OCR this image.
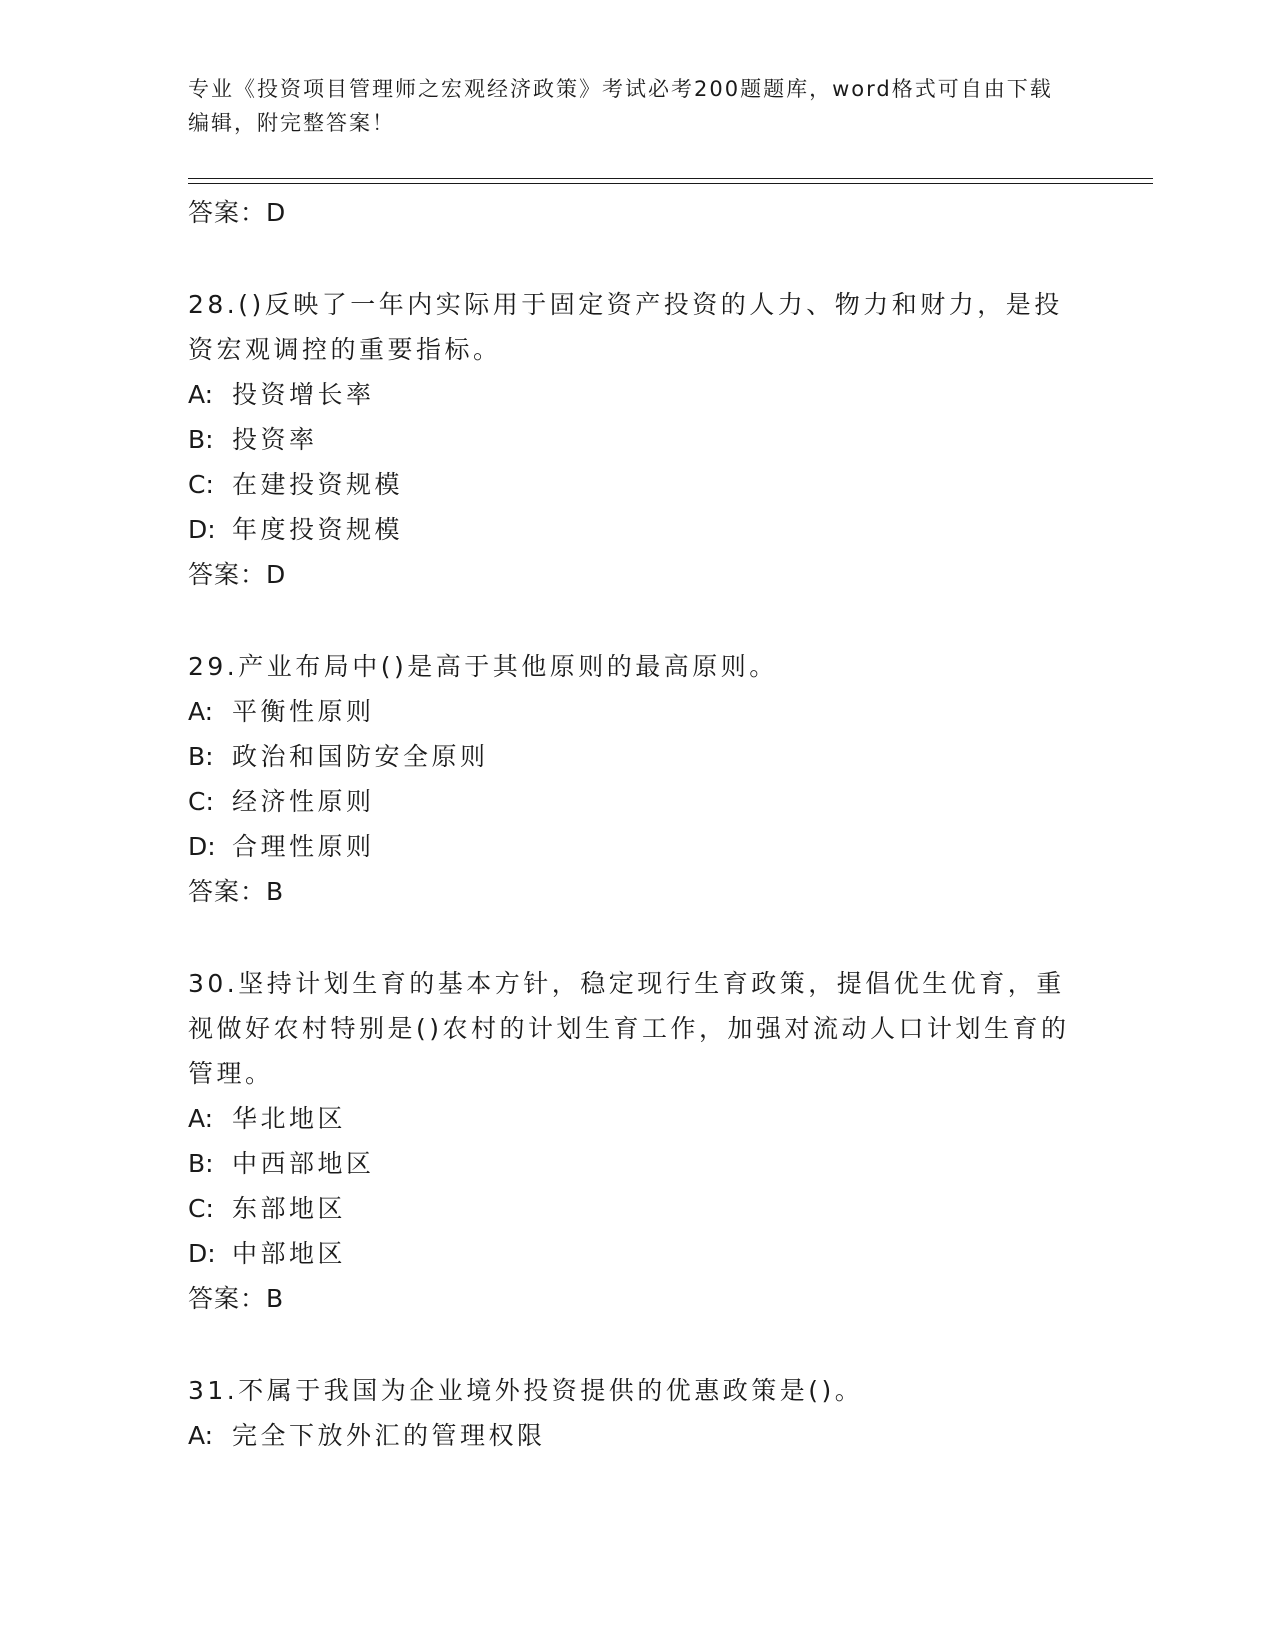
专业《投资项目管理师之宏观经济政策》考试必考200题题库，word格式可自由下载编辑，附完整答案！

答案：D

28.()反映了一年内实际用于固定资产投资的人力、物力和财力，是投资宏观调控的重要指标。

A: 投资增长率

B: 投资率

C: 在建投资规模

D: 年度投资规模

答案：D

29.产业布局中()是高于其他原则的最高原则。

A: 平衡性原则

B: 政治和国防安全原则

C: 经济性原则

D: 合理性原则

答案：B

30.坚持计划生育的基本方针，稳定现行生育政策，提倡优生优育，重视做好农村特别是()农村的计划生育工作，加强对流动人口计划生育的管理。

A: 华北地区

B: 中西部地区

C: 东部地区

D: 中部地区

答案：B

31.不属于我国为企业境外投资提供的优惠政策是()。

A: 完全下放外汇的管理权限
